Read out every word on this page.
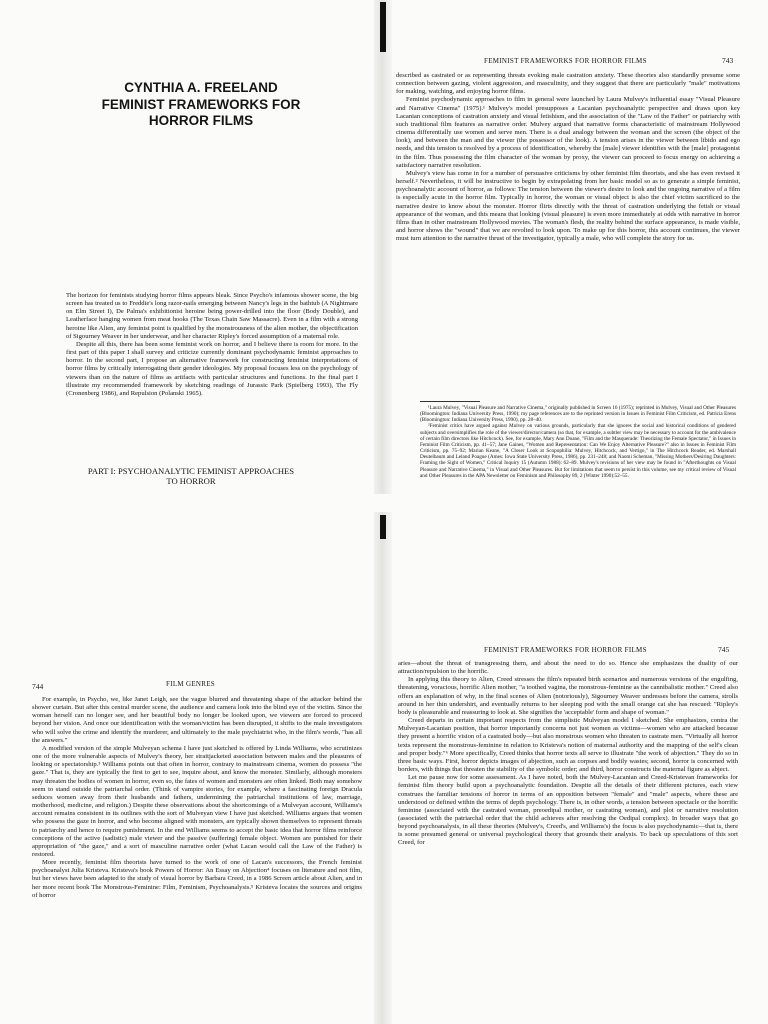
CYNTHIA A. FREELAND
FEMINIST FRAMEWORKS FOR HORROR FILMS

The horizon for feminists studying horror films appears bleak. Since Psycho's infamous shower scene, the big screen has treated us to Freddie's long razor-nails emerging between Nancy's legs in the bathtub (A Nightmare on Elm Street I), De Palma's exhibitionist heroine being power-drilled into the floor (Body Double), and Leatherface hanging women from meat hooks (The Texas Chain Saw Massacre). Even in a film with a strong heroine like Alien, any feminist point is qualified by the monstrousness of the alien mother, the objectification of Sigourney Weaver in her underwear, and her character Ripley's forced assumption of a maternal role.

Despite all this, there has been some feminist work on horror, and I believe there is room for more. In the first part of this paper I shall survey and criticize currently dominant psychodynamic feminist approaches to horror. In the second part, I propose an alternative framework for constructing feminist interpretations of horror films by critically interrogating their gender ideologies. My proposal focuses less on the psychology of viewers than on the nature of films as artifacts with particular structures and functions. In the final part I illustrate my recommended framework by sketching readings of Jurassic Park (Spielberg 1993), The Fly (Cronenberg 1986), and Repulsion (Polanski 1965).

PART I: PSYCHOANALYTIC FEMINIST APPROACHES TO HORROR

FEMINIST FRAMEWORKS FOR HORROR FILMS	743

described as castrated or as representing threats evoking male castration anxiety. These theories also standardly presume some connection between gazing, violent aggression, and masculinity, and they suggest that there are particularly "male" motivations for making, watching, and enjoying horror films.

Feminist psychodynamic approaches to film in general were launched by Laura Mulvey's influential essay "Visual Pleasure and Narrative Cinema" (1975).¹ Mulvey's model presupposes a Lacanian psychoanalytic perspective and draws upon key Lacanian conceptions of castration anxiety and visual fetishism, and the association of the "Law of the Father" or patriarchy with such traditional film features as narrative order. Mulvey argued that narrative forms characteristic of mainstream Hollywood cinema differentially use women and serve men. There is a dual analogy between the woman and the screen (the object of the look), and between the man and the viewer (the possessor of the look). A tension arises in the viewer between libido and ego needs, and this tension is resolved by a process of identification, whereby the [male] viewer identifies with the [male] protagonist in the film. Thus possessing the film character of the woman by proxy, the viewer can proceed to focus energy on achieving a satisfactory narrative resolution.

Mulvey's view has come in for a number of persuasive criticisms by other feminist film theorists, and she has even revised it herself.² Nevertheless, it will be instructive to begin by extrapolating from her basic model so as to generate a simple feminist, psychoanalytic account of horror, as follows: The tension between the viewer's desire to look and the ongoing narrative of a film is especially acute in the horror film. Typically in horror, the woman or visual object is also the chief victim sacrificed to the narrative desire to know about the monster. Horror flirts directly with the threat of castration underlying the fetish or visual appearance of the woman, and this means that looking (visual pleasure) is even more immediately at odds with narrative in horror films than in other mainstream Hollywood movies. The woman's flesh, the reality behind the surface appearance, is made visible, and horror shows the "wound" that we are revolted to look upon. To make up for this horror, this account continues, the viewer must turn attention to the narrative thrust of the investigator, typically a male, who will complete the story for us.

¹Laura Mulvey, "Visual Pleasure and Narrative Cinema," originally published in Screen 16 (1975); reprinted in Mulvey, Visual and Other Pleasures (Bloomington: Indiana University Press, 1990); my page references are to the reprinted version in Issues in Feminist Film Criticism, ed. Patricia Erens (Bloomington: Indiana University Press, 1990), pp. 28–40.
²Feminist critics have argued against Mulvey on various grounds, particularly that she ignores the social and historical conditions of gendered subjects and oversimplifies the role of the viewer/director/camera (so that, for example, a subtler view may be necessary to account for the ambivalence of certain film directors like Hitchcock). See, for example, Mary Ann Doane, "Film and the Masquerade: Theorizing the Female Spectator," in Issues in Feminist Film Criticism, pp. 41–57; Jane Gaines, "Women and Representation: Can We Enjoy Alternative Pleasure?" also in Issues in Feminist Film Criticism, pp. 75–92; Marian Keane, "A Closer Look at Scopophilia: Mulvey, Hitchcock, and Vertigo," in The Hitchcock Reader, ed. Marshall Deutelbaum and Leland Poague (Ames: Iowa State University Press, 1986), pp. 231–248; and Naomi Scheman, "Missing Mothers/Desiring Daughters: Framing the Sight of Women," Critical Inquiry 15 (Autumn 1988): 62–89. Mulvey's revisions of her view may be found in "Afterthoughts on Visual Pleasure and Narrative Cinema," in Visual and Other Pleasures. But for limitations that seem to persist in this volume, see my critical review of Visual and Other Pleasures in the APA Newsletter on Feminism and Philosophy 89, 2 (Winter 1990):52–55.
744	FILM GENRES

For example, in Psycho, we, like Janet Leigh, see the vague blurred and threatening shape of the attacker behind the shower curtain. But after this central murder scene, the audience and camera look into the blind eye of the victim. Since the woman herself can no longer see, and her beautiful body no longer be looked upon, we viewers are forced to proceed beyond her vision. And once our identification with the woman/victim has been disrupted, it shifts to the male investigators who will solve the crime and identify the murderer, and ultimately to the male psychiatrist who, in the film's words, "has all the answers."

A modified version of the simple Mulveyan schema I have just sketched is offered by Linda Williams, who scrutinizes one of the more vulnerable aspects of Mulvey's theory, her straitjacketed association between males and the pleasures of looking or spectatorship.³ Williams points out that often in horror, contrary to mainstream cinema, women do possess "the gaze." That is, they are typically the first to get to see, inquire about, and know the monster. Similarly, although monsters may threaten the bodies of women in horror, even so, the fates of women and monsters are often linked. Both may somehow seem to stand outside the patriarchal order. (Think of vampire stories, for example, where a fascinating foreign Dracula seduces women away from their husbands and fathers, undermining the patriarchal institutions of law, marriage, motherhood, medicine, and religion.) Despite these observations about the shortcomings of a Mulveyan account, Williams's account remains consistent in its outlines with the sort of Mulveyan view I have just sketched. Williams argues that women who possess the gaze in horror, and who become aligned with monsters, are typically shown themselves to represent threats to patriarchy and hence to require punishment. In the end Williams seems to accept the basic idea that horror films reinforce conceptions of the active (sadistic) male viewer and the passive (suffering) female object. Women are punished for their appropriation of "the gaze," and a sort of masculine narrative order (what Lacan would call the Law of the Father) is restored.

More recently, feminist film theorists have turned to the work of one of Lacan's successors, the French feminist psychoanalyst Julia Kristeva. Kristeva's book Powers of Horror: An Essay on Abjection⁴ focuses on literature and not film, but her views have been adapted to the study of visual horror by Barbara Creed, in a 1986 Screen article about Alien, and in her more recent book The Monstrous-Feminine: Film, Feminism, Psychoanalysis.⁵ Kristeva locates the sources and origins of horror

FEMINIST FRAMEWORKS FOR HORROR FILMS	745

aries—about the threat of transgressing them, and about the need to do so. Hence she emphasizes the duality of our attraction/repulsion to the horrific.

In applying this theory to Alien, Creed stresses the film's repeated birth scenarios and numerous versions of the engulfing, threatening, voracious, horrific Alien mother, "a toothed vagina, the monstrous-feminine as the cannibalistic mother." Creed also offers an explanation of why, in the final scenes of Alien (notoriously), Sigourney Weaver undresses before the camera, strolls around in her thin undershirt, and eventually returns to her sleeping pod with the small orange cat she has rescued: "Ripley's body is pleasurable and reassuring to look at. She signifies the 'acceptable' form and shape of woman."

Creed departs in certain important respects from the simplistic Mulveyan model I sketched. She emphasizes, contra the Mulveyan-Lacanian position, that horror importantly concerns not just women as victims—women who are attacked because they present a horrific vision of a castrated body—but also monstrous women who threaten to castrate men. "Virtually all horror texts represent the monstrous-feminine in relation to Kristeva's notion of maternal authority and the mapping of the self's clean and proper body."⁶ More specifically, Creed thinks that horror texts all serve to illustrate "the work of abjection." They do so in three basic ways. First, horror depicts images of abjection, such as corpses and bodily wastes; second, horror is concerned with borders, with things that threaten the stability of the symbolic order; and third, horror constructs the maternal figure as abject.

Let me pause now for some assessment. As I have noted, both the Mulvey-Lacanian and Creed-Kristevan frameworks for feminist film theory build upon a psychoanalytic foundation. Despite all the details of their different pictures, each view construes the familiar tensions of horror in terms of an opposition between "female" and "male" aspects, where these are understood or defined within the terms of depth psychology. There is, in other words, a tension between spectacle or the horrific feminine (associated with the castrated woman, preoedipal mother, or castrating woman), and plot or narrative resolution (associated with the patriarchal order that the child achieves after resolving the Oedipal complex). In broader ways that go beyond psychoanalysis, in all these theories (Mulvey's, Creed's, and Williams's) the focus is also psychodynamic—that is, there is some presumed general or universal psychological theory that grounds their analysis. To back up speculations of this sort Creed, for
